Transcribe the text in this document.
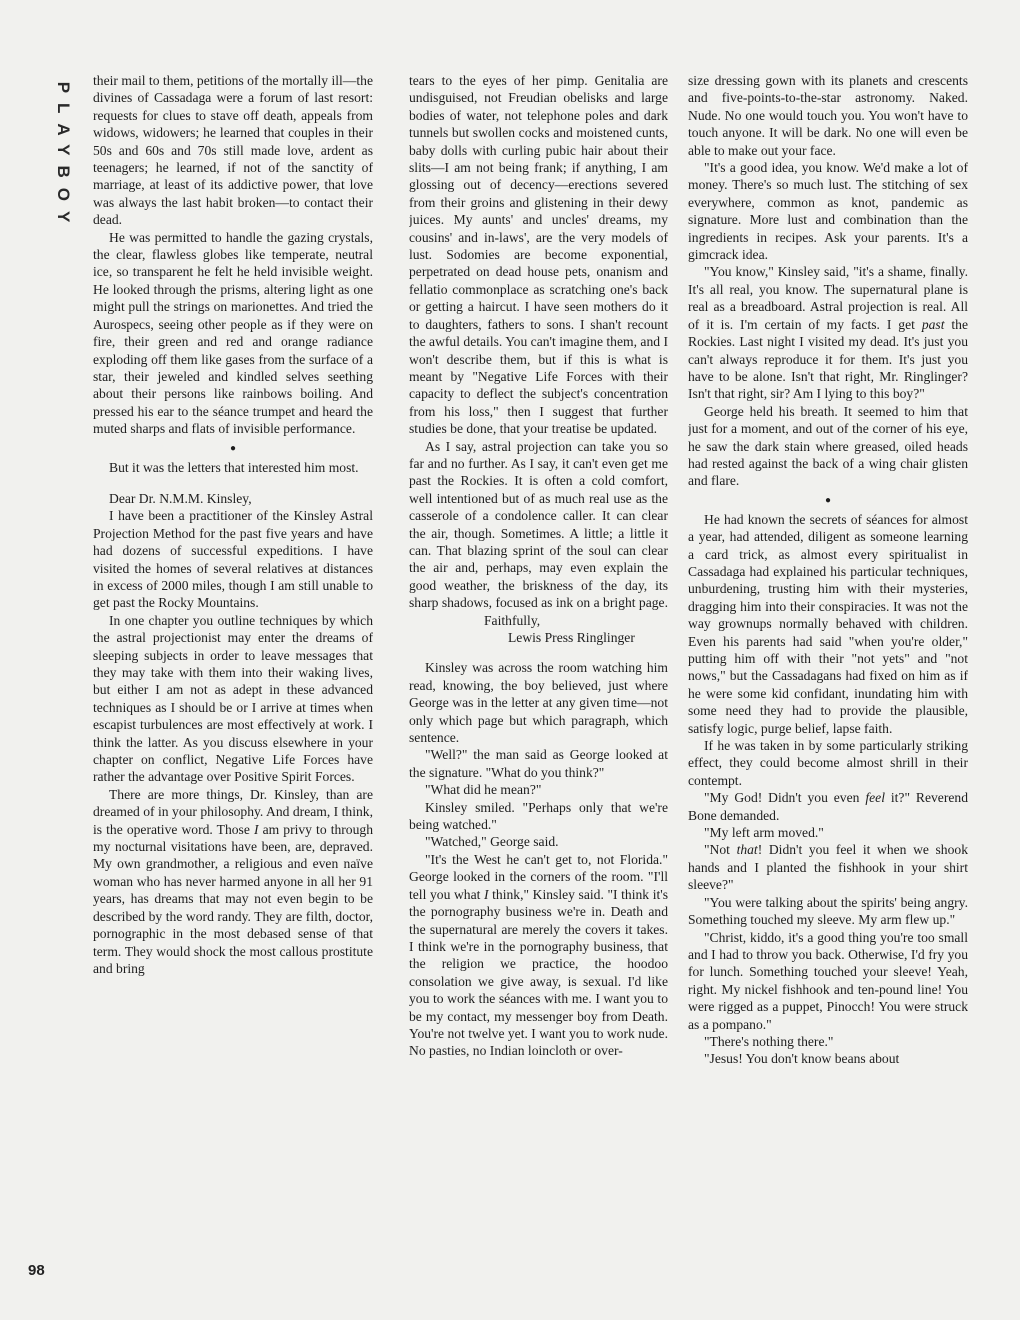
PLAYBOY
98

their mail to them, petitions of the mortally ill—the divines of Cassadaga were a forum of last resort: requests for clues to stave off death, appeals from widows, widowers; he learned that couples in their 50s and 60s and 70s still made love, ardent as teenagers; he learned, if not of the sanctity of marriage, at least of its addictive power, that love was always the last habit broken—to contact their dead.

He was permitted to handle the gazing crystals, the clear, flawless globes like temperate, neutral ice, so transparent he felt he held invisible weight. He looked through the prisms, altering light as one might pull the strings on marionettes. And tried the Aurospecs, seeing other people as if they were on fire, their green and red and orange radiance exploding off them like gases from the surface of a star, their jeweled and kindled selves seething about their persons like rainbows boiling. And pressed his ear to the séance trumpet and heard the muted sharps and flats of invisible performance.

●

But it was the letters that interested him most.

Dear Dr. N.M.M. Kinsley,

I have been a practitioner of the Kinsley Astral Projection Method for the past five years and have had dozens of successful expeditions. I have visited the homes of several relatives at distances in excess of 2000 miles, though I am still unable to get past the Rocky Mountains.

In one chapter you outline techniques by which the astral projectionist may enter the dreams of sleeping subjects in order to leave messages that they may take with them into their waking lives, but either I am not as adept in these advanced techniques as I should be or I arrive at times when escapist turbulences are most effectively at work. I think the latter. As you discuss elsewhere in your chapter on conflict, Negative Life Forces have rather the advantage over Positive Spirit Forces.

There are more things, Dr. Kinsley, than are dreamed of in your philosophy. And dream, I think, is the operative word. Those I am privy to through my nocturnal visitations have been, are, depraved. My own grandmother, a religious and even naïve woman who has never harmed anyone in all her 91 years, has dreams that may not even begin to be described by the word randy. They are filth, doctor, pornographic in the most debased sense of that term. They would shock the most callous prostitute and bring

tears to the eyes of her pimp. Genitalia are undisguised, not Freudian obelisks and large bodies of water, not telephone poles and dark tunnels but swollen cocks and moistened cunts, baby dolls with curling pubic hair about their slits—I am not being frank; if anything, I am glossing out of decency—erections severed from their groins and glistening in their dewy juices. My aunts' and uncles' dreams, my cousins' and in-laws', are the very models of lust. Sodomies are become exponential, perpetrated on dead house pets, onanism and fellatio commonplace as scratching one's back or getting a haircut. I have seen mothers do it to daughters, fathers to sons. I shan't recount the awful details. You can't imagine them, and I won't describe them, but if this is what is meant by "Negative Life Forces with their capacity to deflect the subject's concentration from his loss," then I suggest that further studies be done, that your treatise be updated.

As I say, astral projection can take you so far and no further. As I say, it can't even get me past the Rockies. It is often a cold comfort, well intentioned but of as much real use as the casserole of a condolence caller. It can clear the air, though. Sometimes. A little; a little it can. That blazing sprint of the soul can clear the air and, perhaps, may even explain the good weather, the briskness of the day, its sharp shadows, focused as ink on a bright page.

Faithfully,

Lewis Press Ringlinger

Kinsley was across the room watching him read, knowing, the boy believed, just where George was in the letter at any given time—not only which page but which paragraph, which sentence.

"Well?" the man said as George looked at the signature. "What do you think?"

"What did he mean?"

Kinsley smiled. "Perhaps only that we're being watched."

"Watched," George said.

"It's the West he can't get to, not Florida." George looked in the corners of the room. "I'll tell you what I think," Kinsley said. "I think it's the pornography business we're in. Death and the supernatural are merely the covers it takes. I think we're in the pornography business, that the religion we practice, the hoodoo consolation we give away, is sexual. I'd like you to work the séances with me. I want you to be my contact, my messenger boy from Death. You're not twelve yet. I want you to work nude. No pasties, no Indian loincloth or over-

size dressing gown with its planets and crescents and five-points-to-the-star astronomy. Naked. Nude. No one would touch you. You won't have to touch anyone. It will be dark. No one will even be able to make out your face.

"It's a good idea, you know. We'd make a lot of money. There's so much lust. The stitching of sex everywhere, common as knot, pandemic as signature. More lust and combination than the ingredients in recipes. Ask your parents. It's a gimcrack idea.

"You know," Kinsley said, "it's a shame, finally. It's all real, you know. The supernatural plane is real as a breadboard. Astral projection is real. All of it is. I'm certain of my facts. I get past the Rockies. Last night I visited my dead. It's just you can't always reproduce it for them. It's just you have to be alone. Isn't that right, Mr. Ringlinger? Isn't that right, sir? Am I lying to this boy?"

George held his breath. It seemed to him that just for a moment, and out of the corner of his eye, he saw the dark stain where greased, oiled heads had rested against the back of a wing chair glisten and flare.

●

He had known the secrets of séances for almost a year, had attended, diligent as someone learning a card trick, as almost every spiritualist in Cassadaga had explained his particular techniques, unburdening, trusting him with their mysteries, dragging him into their conspiracies. It was not the way grownups normally behaved with children. Even his parents had said "when you're older," putting him off with their "not yets" and "not nows," but the Cassadagans had fixed on him as if he were some kid confidant, inundating him with some need they had to provide the plausible, satisfy logic, purge belief, lapse faith.

If he was taken in by some particularly striking effect, they could become almost shrill in their contempt.

"My God! Didn't you even feel it?" Reverend Bone demanded.

"My left arm moved."

"Not that! Didn't you feel it when we shook hands and I planted the fishhook in your shirt sleeve?"

"You were talking about the spirits' being angry. Something touched my sleeve. My arm flew up."

"Christ, kiddo, it's a good thing you're too small and I had to throw you back. Otherwise, I'd fry you for lunch. Something touched your sleeve! Yeah, right. My nickel fishhook and ten-pound line! You were rigged as a puppet, Pinocch! You were struck as a pompano."

"There's nothing there."

"Jesus! You don't know beans about
